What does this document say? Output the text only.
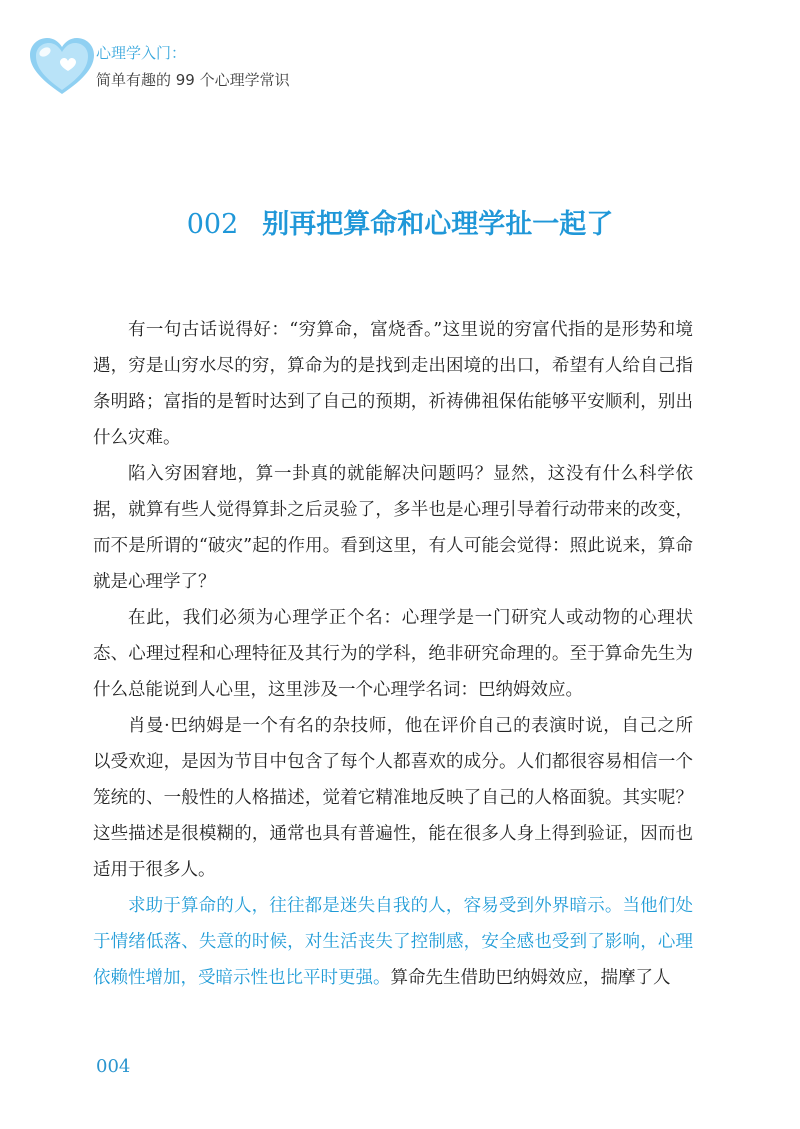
心理学入门：
简单有趣的 99 个心理学常识
002 别再把算命和心理学扯一起了

有一句古话说得好：“穷算命，富烧香。”这里说的穷富代指的是形势和境遇，穷是山穷水尽的穷，算命为的是找到走出困境的出口，希望有人给自己指条明路；富指的是暂时达到了自己的预期，祈祷佛祖保佑能够平安顺利，别出什么灾难。

陷入穷困窘地，算一卦真的就能解决问题吗？显然，这没有什么科学依据，就算有些人觉得算卦之后灵验了，多半也是心理引导着行动带来的改变，而不是所谓的“破灾”起的作用。看到这里，有人可能会觉得：照此说来，算命就是心理学了？

在此，我们必须为心理学正个名：心理学是一门研究人或动物的心理状态、心理过程和心理特征及其行为的学科，绝非研究命理的。至于算命先生为什么总能说到人心里，这里涉及一个心理学名词：巴纳姆效应。

肖曼·巴纳姆是一个有名的杂技师，他在评价自己的表演时说，自己之所以受欢迎，是因为节目中包含了每个人都喜欢的成分。人们都很容易相信一个笼统的、一般性的人格描述，觉着它精准地反映了自己的人格面貌。其实呢？这些描述是很模糊的，通常也具有普遍性，能在很多人身上得到验证，因而也适用于很多人。

求助于算命的人，往往都是迷失自我的人，容易受到外界暗示。当他们处于情绪低落、失意的时候，对生活丧失了控制感，安全感也受到了影响，心理依赖性增加，受暗示性也比平时更强。算命先生借助巴纳姆效应，揣摩了人

004
